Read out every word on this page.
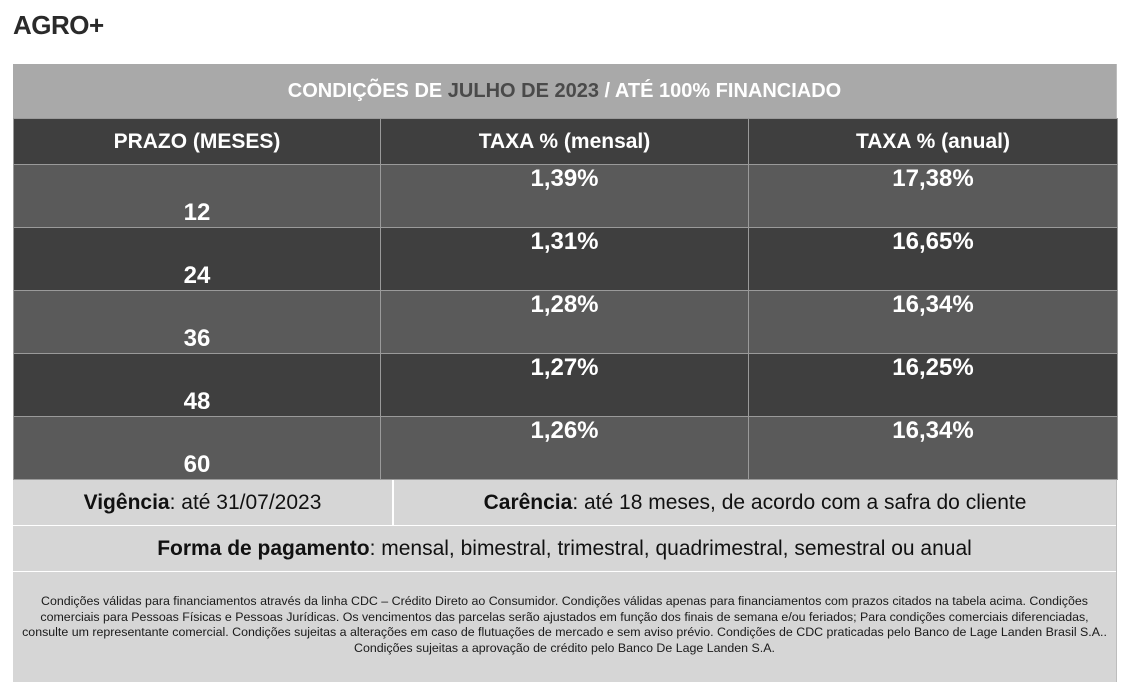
AGRO+
CONDIÇÕES DE
JULHO DE 2023
/ ATÉ 100% FINANCIADO
PRAZO (MESES)	TAXA % (mensal)	TAXA % (anual)
12	1,39%	17,38%
24	1,31%	16,65%
36	1,28%	16,34%
48	1,27%	16,25%
60	1,26%	16,34%
Vigência : até 31/07/2023	Carência : até 18 meses, de acordo com a safra do cliente
Forma de pagamento : mensal, bimestral, trimestral, quadrimestral, semestral ou anual
Condições válidas para financiamentos através da linha CDC – Crédito Direto ao Consumidor. Condições válidas apenas para financiamentos com prazos citados na tabela acima. Condições comerciais para Pessoas Físicas e Pessoas Jurídicas. Os vencimentos das parcelas serão ajustados em função dos finais de semana e/ou feriados; Para condições comerciais diferenciadas, consulte um representante comercial. Condições sujeitas a alterações em caso de flutuações de mercado e sem aviso prévio. Condições de CDC praticadas pelo Banco de Lage Landen Brasil S.A.. Condições sujeitas a aprovação de crédito pelo Banco De Lage Landen S.A.
